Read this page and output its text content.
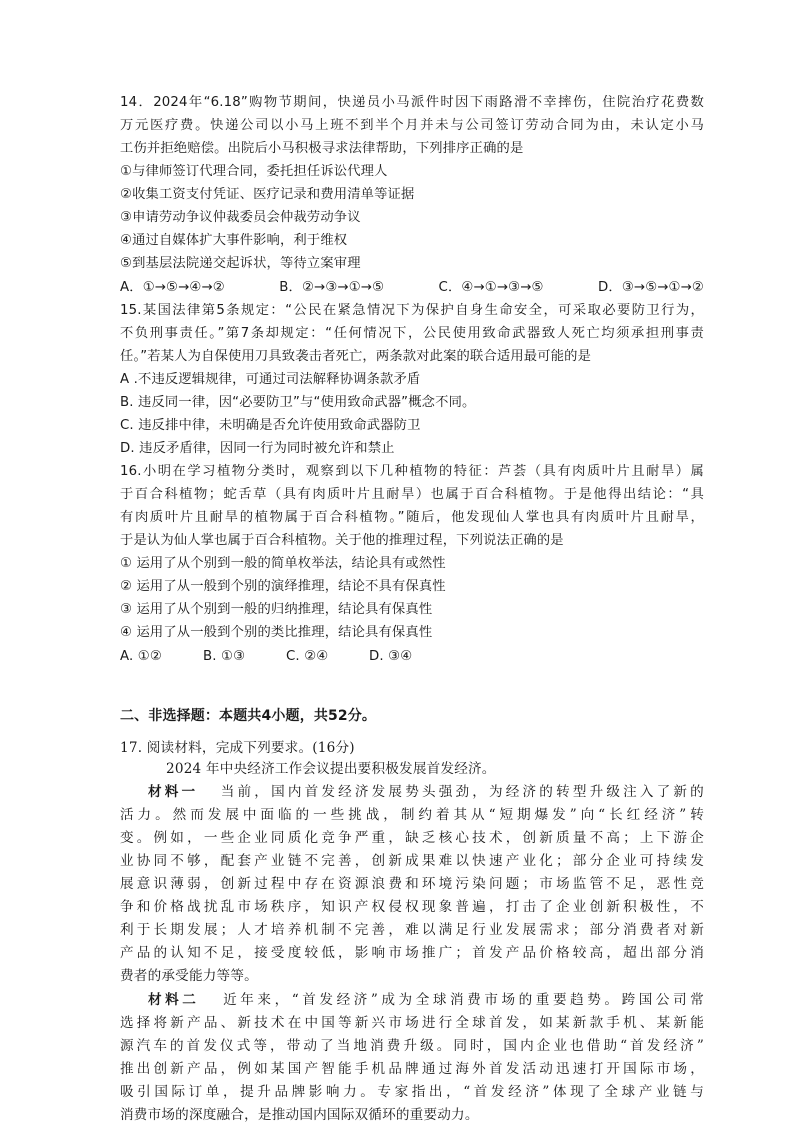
14．2024年“6.18”购物节期间，快递员小马派件时因下雨路滑不幸摔伤，住院治疗花费数
万元医疗费。快递公司以小马上班不到半个月并未与公司签订劳动合同为由，未认定小马
工伤并拒绝赔偿。出院后小马积极寻求法律帮助，下列排序正确的是
①与律师签订代理合同，委托担任诉讼代理人
②收集工资支付凭证、医疗记录和费用清单等证据
③申请劳动争议仲裁委员会仲裁劳动争议
④通过自媒体扩大事件影响，利于维权
⑤到基层法院递交起诉状，等待立案审理
A．①→⑤→④→②	B．②→③→①→⑤	C．④→①→③→⑤	D．③→⑤→①→②
15.某国法律第5条规定：“公民在紧急情况下为保护自身生命安全，可采取必要防卫行为，
不负刑事责任。”第7条却规定：“任何情况下，公民使用致命武器致人死亡均须承担刑事责
任。”若某人为自保使用刀具致袭击者死亡，两条款对此案的联合适用最可能的是
A .不违反逻辑规律，可通过司法解释协调条款矛盾
B. 违反同一律，因“必要防卫”与“使用致命武器”概念不同。
C. 违反排中律，未明确是否允许使用致命武器防卫
D. 违反矛盾律，因同一行为同时被允许和禁止
16.小明在学习植物分类时，观察到以下几种植物的特征：芦荟（具有肉质叶片且耐旱）属
于百合科植物；蛇舌草（具有肉质叶片且耐旱）也属于百合科植物。于是他得出结论：“具
有肉质叶片且耐旱的植物属于百合科植物。”随后，他发现仙人掌也具有肉质叶片且耐旱，
于是认为仙人掌也属于百合科植物。关于他的推理过程，下列说法正确的是
① 运用了从个别到一般的简单枚举法，结论具有或然性
② 运用了从一般到个别的演绎推理，结论不具有保真性
③ 运用了从个别到一般的归纳推理，结论具有保真性
④ 运用了从一般到个别的类比推理，结论具有保真性
A. ①②	B. ①③	C. ②④	D. ③④
二、非选择题：本题共4小题，共52分。
17. 阅读材料，完成下列要求。(16分)
2024 年中央经济工作会议提出要积极发展首发经济。
材料一 当前，国内首发经济发展势头强劲，为经济的转型升级注入了新的
活力。然而发展中面临的一些挑战，制约着其从“短期爆发”向“长红经济”转
变。例如，一些企业同质化竞争严重，缺乏核心技术，创新质量不高；上下游企
业协同不够，配套产业链不完善，创新成果难以快速产业化；部分企业可持续发
展意识薄弱，创新过程中存在资源浪费和环境污染问题；市场监管不足，恶性竞
争和价格战扰乱市场秩序，知识产权侵权现象普遍，打击了企业创新积极性，不
利于长期发展；人才培养机制不完善，难以满足行业发展需求；部分消费者对新
产品的认知不足，接受度较低，影响市场推广；首发产品价格较高，超出部分消
费者的承受能力等等。
材料二 近年来，“首发经济”成为全球消费市场的重要趋势。跨国公司常
选择将新产品、新技术在中国等新兴市场进行全球首发，如某新款手机、某新能
源汽车的首发仪式等，带动了当地消费升级。同时，国内企业也借助“首发经济”
推出创新产品，例如某国产智能手机品牌通过海外首发活动迅速打开国际市场，
吸引国际订单，提升品牌影响力。专家指出，“首发经济”体现了全球产业链与
消费市场的深度融合，是推动国内国际双循环的重要动力。
